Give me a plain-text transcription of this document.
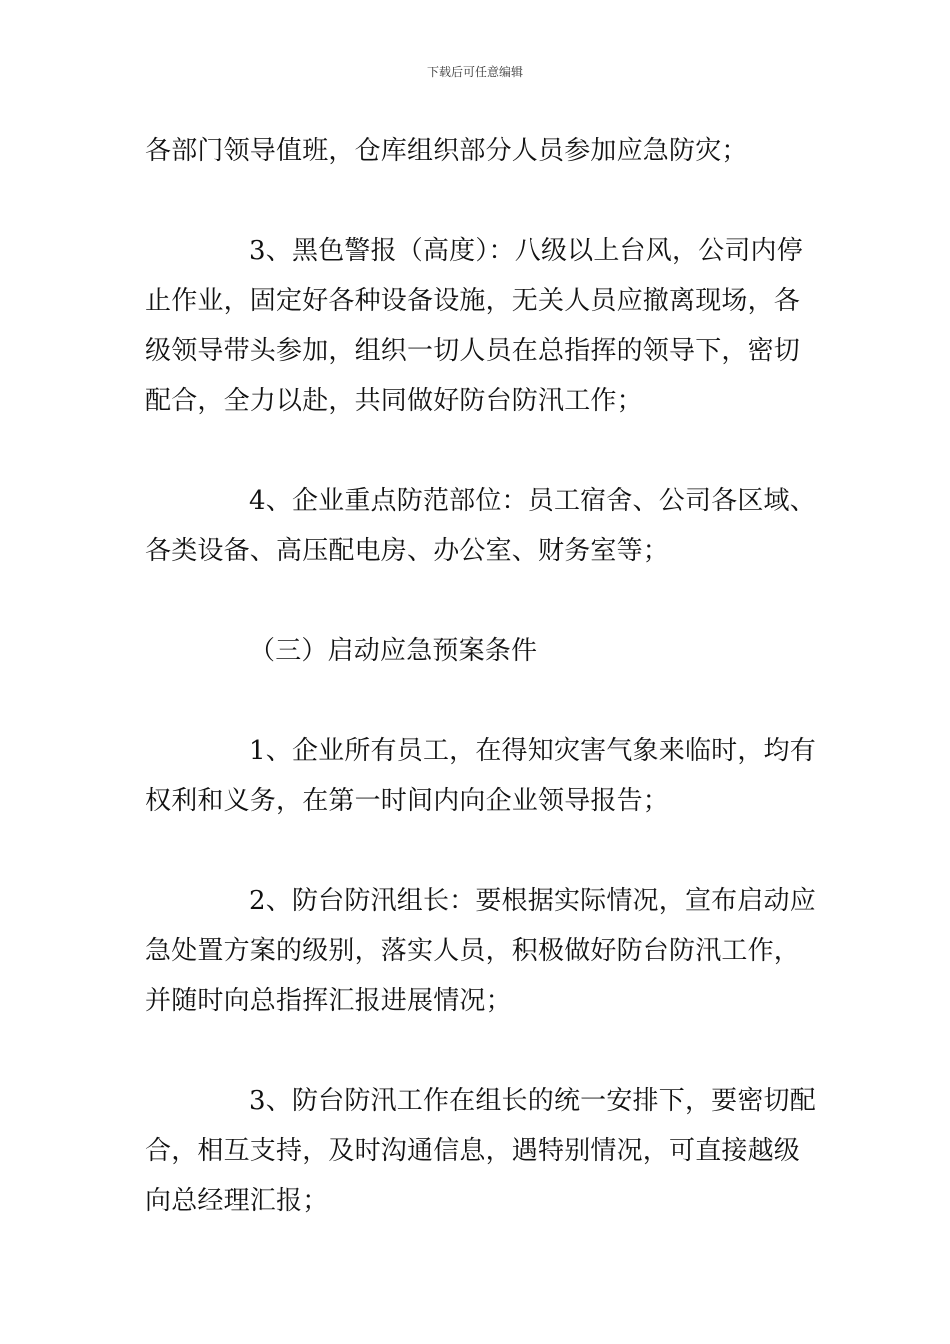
下载后可任意编辑

各部门领导值班，仓库组织部分人员参加应急防灾；

3、黑色警报（高度）：八级以上台风，公司内停
止作业，固定好各种设备设施，无关人员应撤离现场，各
级领导带头参加，组织一切人员在总指挥的领导下，密切
配合，全力以赴，共同做好防台防汛工作；

4、企业重点防范部位：员工宿舍、公司各区域、
各类设备、高压配电房、办公室、财务室等；

（三）启动应急预案条件

1、企业所有员工，在得知灾害气象来临时，均有
权利和义务，在第一时间内向企业领导报告；

2、防台防汛组长：要根据实际情况，宣布启动应
急处置方案的级别，落实人员，积极做好防台防汛工作，
并随时向总指挥汇报进展情况；

3、防台防汛工作在组长的统一安排下，要密切配
合，相互支持，及时沟通信息，遇特别情况，可直接越级
向总经理汇报；
